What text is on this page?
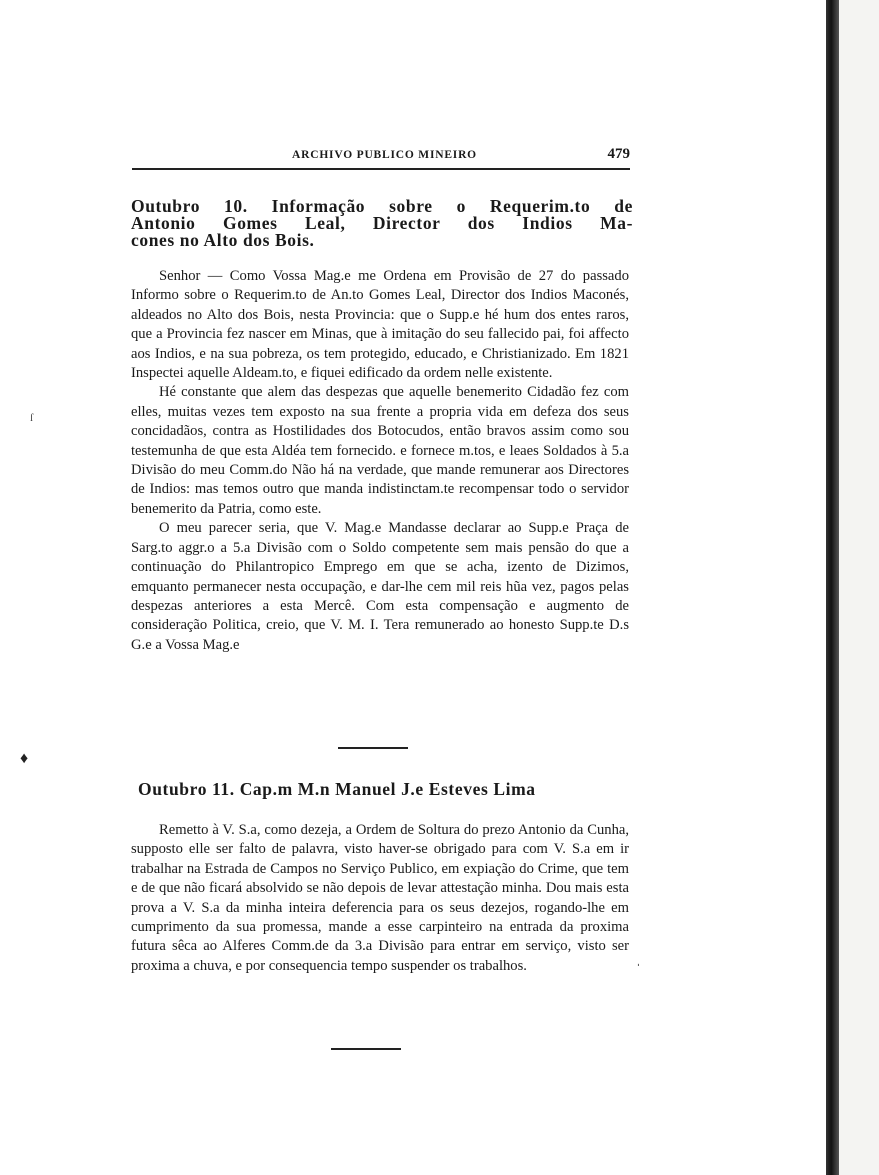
ſ
♦
ˌ
ARCHIVO PUBLICO MINEIRO	479
Outubro 10. Informação sobre o Requerim.to de
Antonio Gomes Leal, Director dos Indios Ma-
cones no Alto dos Bois.

Senhor — Como Vossa Mag.e me Ordena em Provisão de 27 do passado Informo sobre o Requerim.to de An.to Gomes Leal, Director dos Indios Maconés, aldeados no Alto dos Bois, nesta Provincia: que o Supp.e hé hum dos entes raros, que a Provincia fez nascer em Minas, que à imitação do seu fallecido pai, foi affecto aos Indios, e na sua pobreza, os tem protegido, educado, e Christianizado. Em 1821 Inspectei aquelle Aldeam.to, e fiquei edificado da ordem nelle existente.

Hé constante que alem das despezas que aquelle benemerito Cidadão fez com elles, muitas vezes tem exposto na sua frente a propria vida em defeza dos seus concidadãos, contra as Hostilidades dos Botocudos, então bravos assim como sou testemunha de que esta Aldéa tem fornecido. e fornece m.tos, e leaes Soldados à 5.a Divisão do meu Comm.do Não há na verdade, que mande remunerar aos Directores de Indios: mas temos outro que manda indistinctam.te recompensar todo o servidor benemerito da Patria, como este.

O meu parecer seria, que V. Mag.e Mandasse declarar ao Supp.e Praça de Sarg.to aggr.o a 5.a Divisão com o Soldo competente sem mais pensão do que a continuação do Philantropico Emprego em que se acha, izento de Dizimos, emquanto permanecer nesta occupação, e dar-lhe cem mil reis hũa vez, pagos pelas despezas anteriores a esta Mercê. Com esta compensação e augmento de consideração Politica, creio, que V. M. I. Tera remunerado ao honesto Supp.te D.s G.e a Vossa Mag.e

Outubro 11. Cap.m M.n Manuel J.e Esteves Lima

Remetto à V. S.a, como dezeja, a Ordem de Soltura do prezo Antonio da Cunha, supposto elle ser falto de palavra, visto haver-se obrigado para com V. S.a em ir trabalhar na Estrada de Campos no Serviço Publico, em expiação do Crime, que tem e de que não ficará absolvido se não depois de levar attestação minha. Dou mais esta prova a V. S.a da minha inteira deferencia para os seus dezejos, rogando-lhe em cumprimento da sua promessa, mande a esse carpinteiro na entrada da proxima futura sêca ao Alferes Comm.de da 3.a Divisão para entrar em serviço, visto ser proxima a chuva, e por consequencia tempo suspender os trabalhos.
